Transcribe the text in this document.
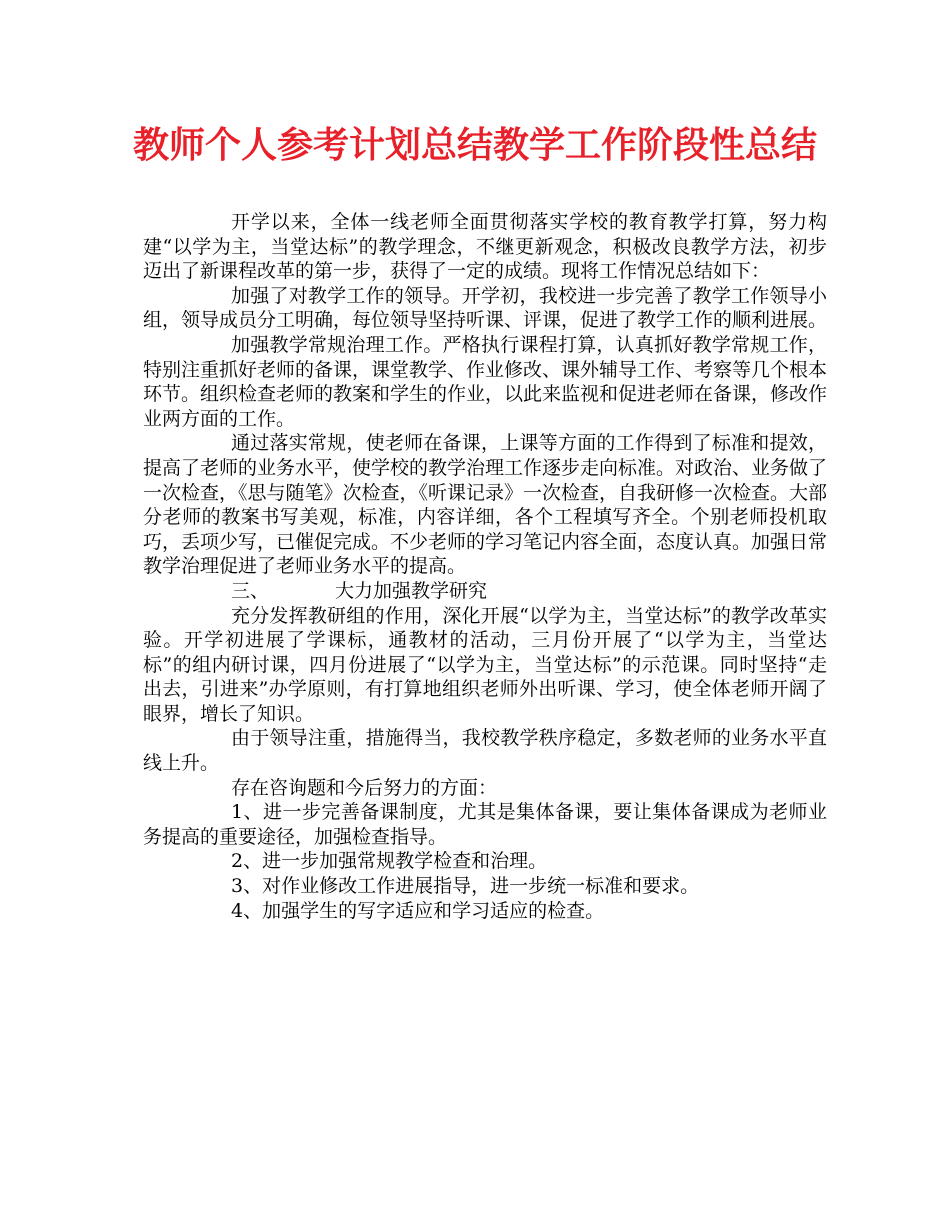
教师个人参考计划总结教学工作阶段性总结

开学以来，全体一线老师全面贯彻落实学校的教育教学打算，努力构建“以学为主，当堂达标”的教学理念，不继更新观念，积极改良教学方法，初步迈出了新课程改革的第一步，获得了一定的成绩。现将工作情况总结如下：

加强了对教学工作的领导。开学初，我校进一步完善了教学工作领导小组，领导成员分工明确，每位领导坚持听课、评课，促进了教学工作的顺利进展。

加强教学常规治理工作。严格执行课程打算，认真抓好教学常规工作，特别注重抓好老师的备课，课堂教学、作业修改、课外辅导工作、考察等几个根本环节。组织检查老师的教案和学生的作业，以此来监视和促进老师在备课，修改作业两方面的工作。

通过落实常规，使老师在备课，上课等方面的工作得到了标准和提效，提高了老师的业务水平，使学校的教学治理工作逐步走向标准。对政治、业务做了一次检查，《思与随笔》次检查，《听课记录》一次检查，自我研修一次检查。大部分老师的教案书写美观，标准，内容详细，各个工程填写齐全。个别老师投机取巧，丢项少写，已催促完成。不少老师的学习笔记内容全面，态度认真。加强日常教学治理促进了老师业务水平的提高。

三、	大力加强教学研究

充分发挥教研组的作用，深化开展“以学为主，当堂达标”的教学改革实验。开学初进展了学课标，通教材的活动，三月份开展了“以学为主，当堂达标”的组内研讨课，四月份进展了“以学为主，当堂达标”的示范课。同时坚持“走出去，引进来”办学原则，有打算地组织老师外出听课、学习，使全体老师开阔了眼界，增长了知识。

由于领导注重，措施得当，我校教学秩序稳定，多数老师的业务水平直线上升。

存在咨询题和今后努力的方面：

1、进一步完善备课制度，尤其是集体备课，要让集体备课成为老师业务提高的重要途径，加强检查指导。

2、进一步加强常规教学检查和治理。

3、对作业修改工作进展指导，进一步统一标准和要求。

4、加强学生的写字适应和学习适应的检查。
